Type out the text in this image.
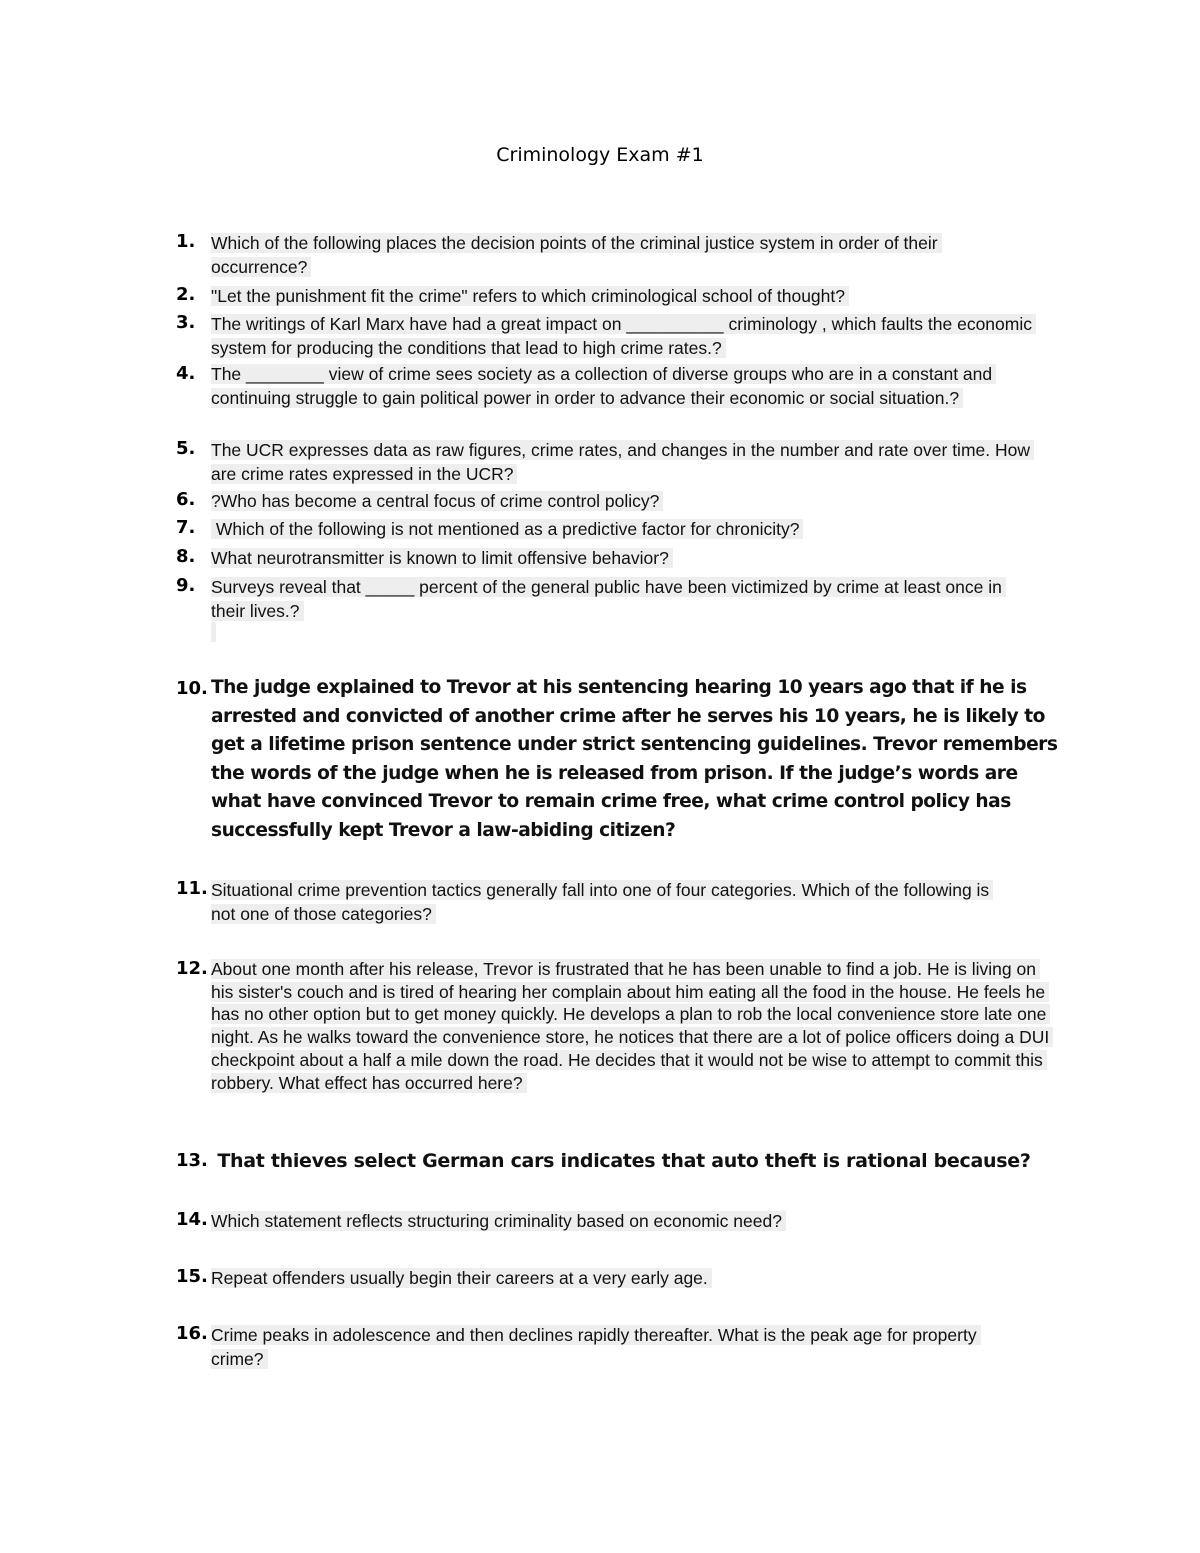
Criminology Exam #1
1. Which of the following places the decision points of the criminal justice system in order of their occurrence?
2. "Let the punishment fit the crime" refers to which criminological school of thought?
3. The writings of Karl Marx have had a great impact on __________ criminology , which faults the economic system for producing the conditions that lead to high crime rates.?
4. The ________ view of crime sees society as a collection of diverse groups who are in a constant and continuing struggle to gain political power in order to advance their economic or social situation.?
5. The UCR expresses data as raw figures, crime rates, and changes in the number and rate over time. How are crime rates expressed in the UCR?
6. ?Who has become a central focus of crime control policy?
7. Which of the following is not mentioned as a predictive factor for chronicity?
8. What neurotransmitter is known to limit offensive behavior?
9. Surveys reveal that _____ percent of the general public have been victimized by crime at least once in their lives.?
10. The judge explained to Trevor at his sentencing hearing 10 years ago that if he is arrested and convicted of another crime after he serves his 10 years, he is likely to get a lifetime prison sentence under strict sentencing guidelines. Trevor remembers the words of the judge when he is released from prison. If the judge’s words are what have convinced Trevor to remain crime free, what crime control policy has successfully kept Trevor a law-abiding citizen?
11. Situational crime prevention tactics generally fall into one of four categories. Which of the following is not one of those categories?
12. About one month after his release, Trevor is frustrated that he has been unable to find a job. He is living on his sister's couch and is tired of hearing her complain about him eating all the food in the house. He feels he has no other option but to get money quickly. He develops a plan to rob the local convenience store late one night. As he walks toward the convenience store, he notices that there are a lot of police officers doing a DUI checkpoint about a half a mile down the road. He decides that it would not be wise to attempt to commit this robbery. What effect has occurred here?
13. That thieves select German cars indicates that auto theft is rational because?
14. Which statement reflects structuring criminality based on economic need?
15. Repeat offenders usually begin their careers at a very early age.
16. Crime peaks in adolescence and then declines rapidly thereafter. What is the peak age for property crime?
